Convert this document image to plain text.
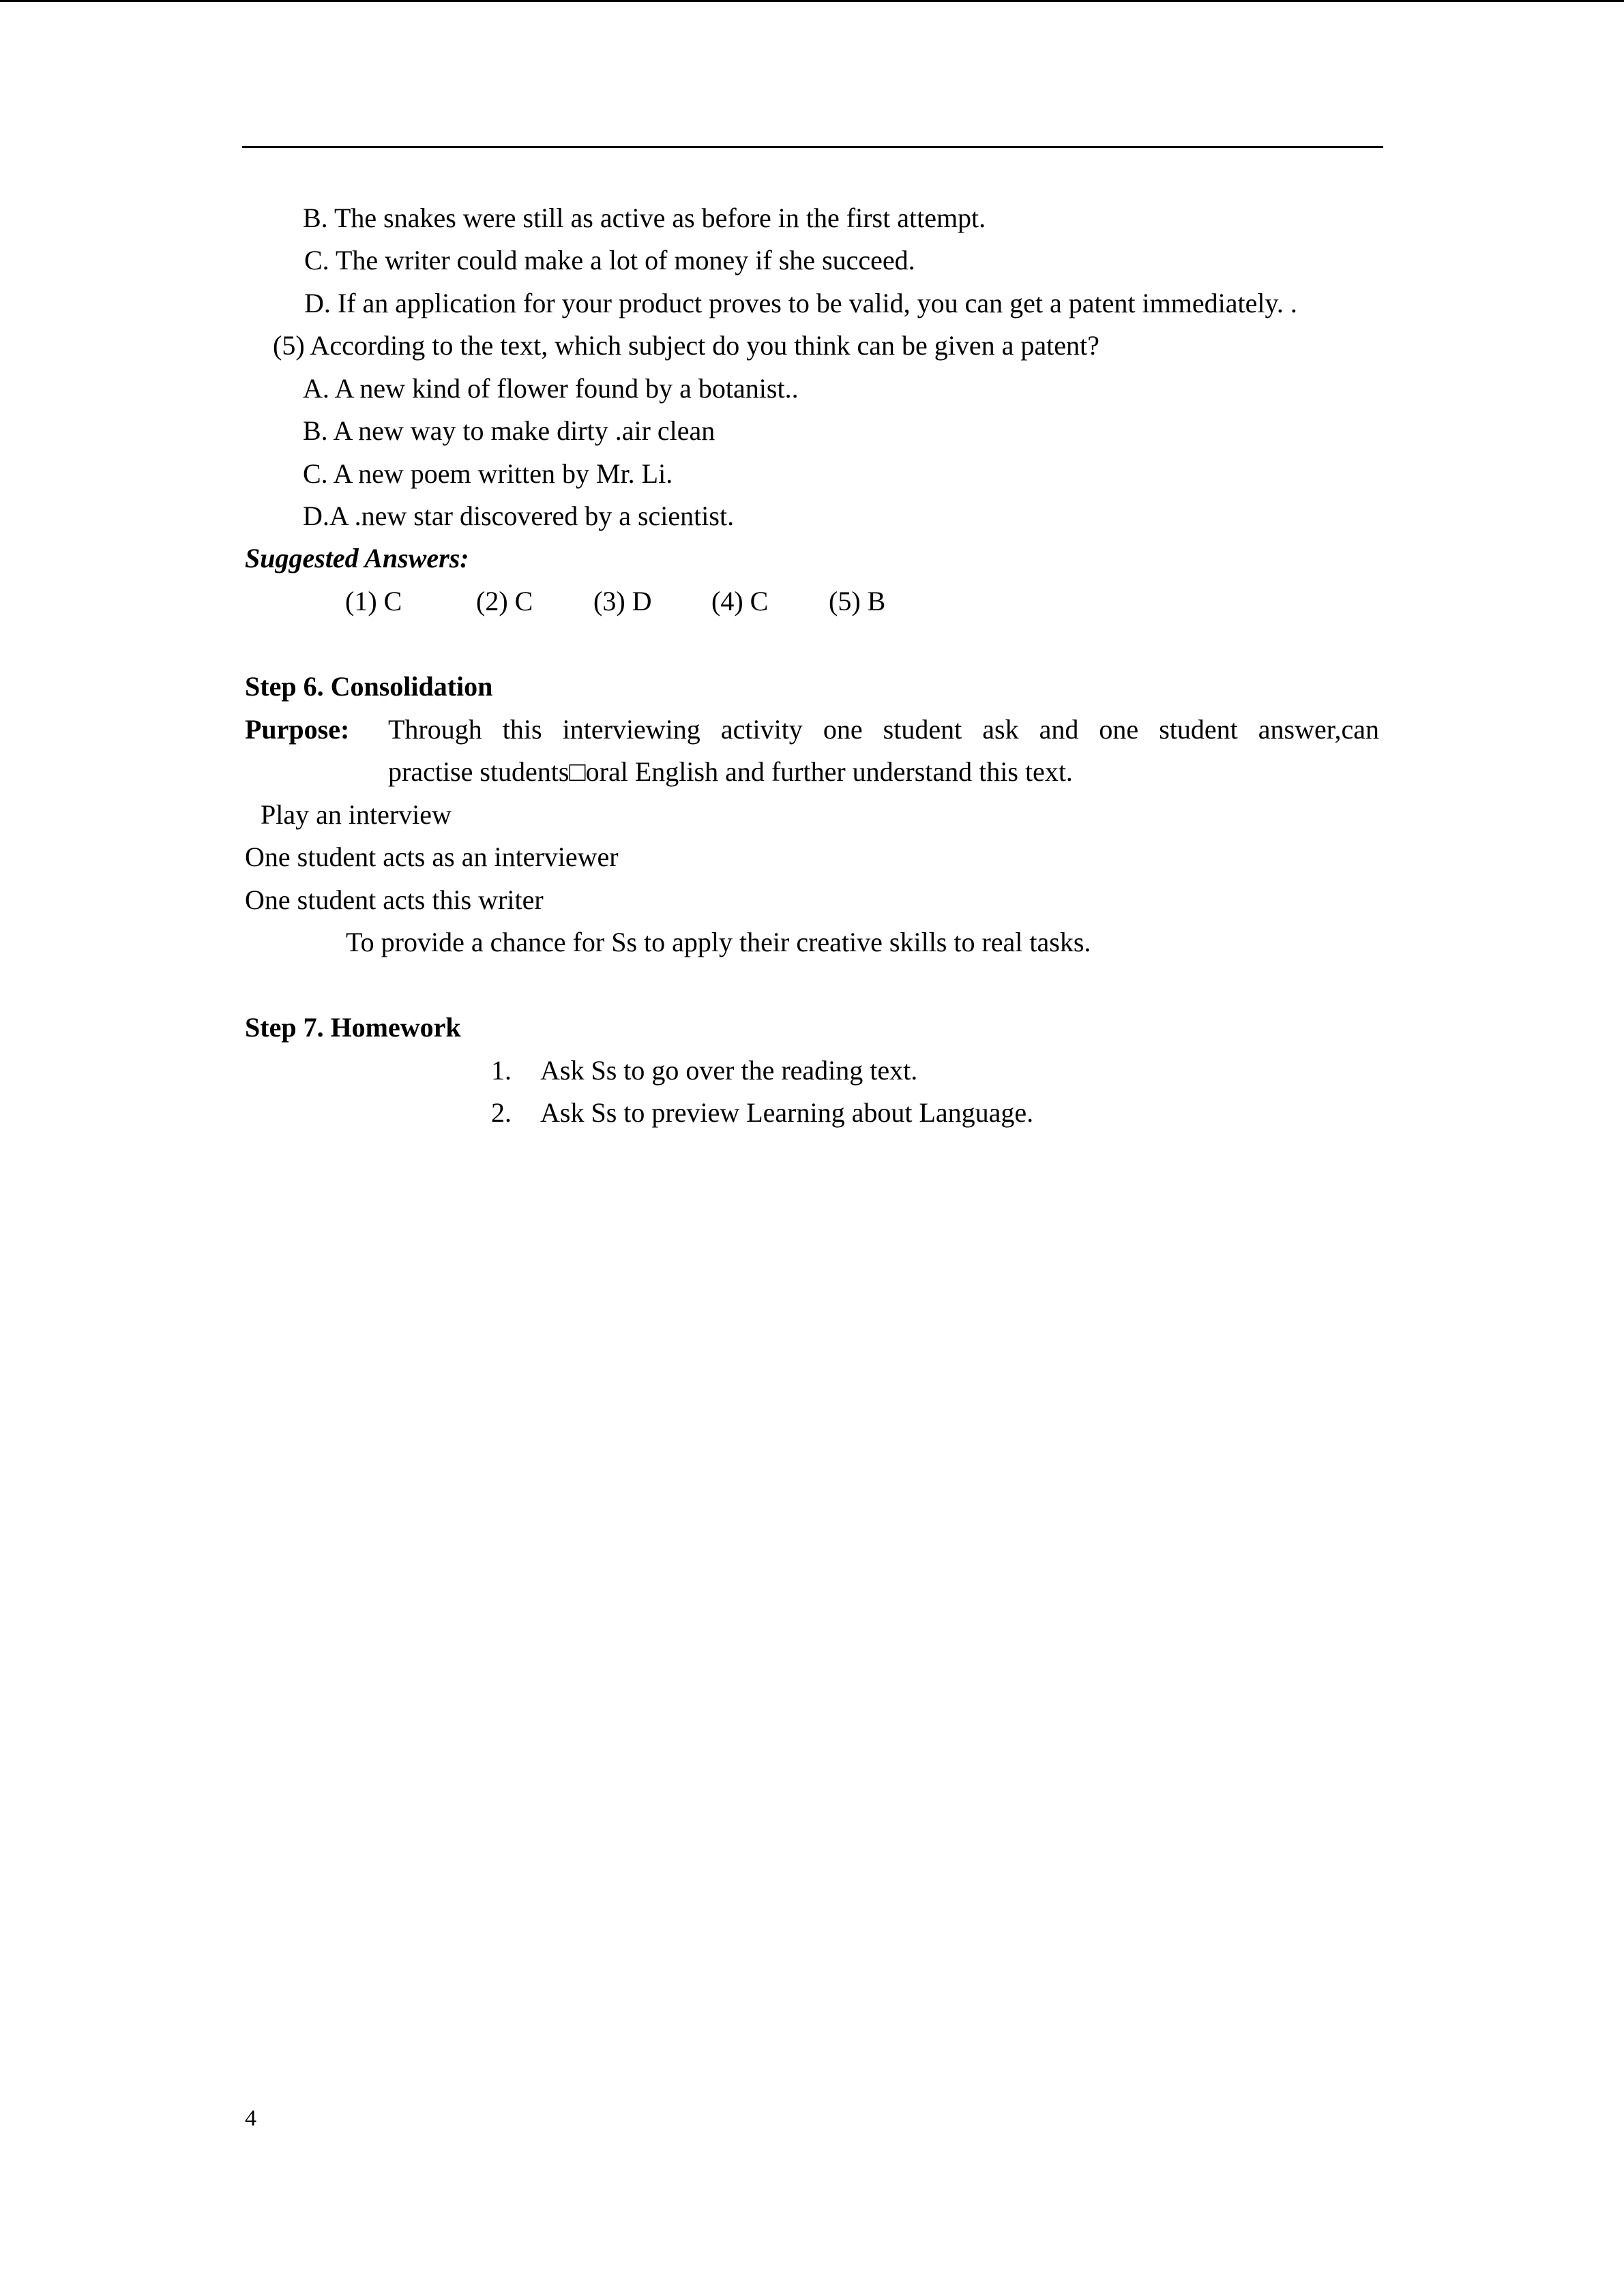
B. The snakes were still as active as before in the first attempt.
C. The writer could make a lot of money if she succeed.
D. If an application for your product proves to be valid, you can get a patent immediately. .
(5) According to the text, which subject do you think can be given a patent?
A. A new kind of flower found by a botanist..
B. A new way to make dirty .air clean
C. A new poem written by Mr. Li.
D.A .new star discovered by a scientist.
Suggested Answers:
(1) C	(2) C (3) D (4) C (5) B
Step 6. Consolidation
Purpose: Through this interviewing activity one student ask and one student answer,can
practise students□oral English and further understand this text.
Play an interview
One student acts as an interviewer
One student acts this writer
To provide a chance for Ss to apply their creative skills to real tasks.
Step 7. Homework
1. Ask Ss to go over the reading text.
2. Ask Ss to preview Learning about Language.
4
